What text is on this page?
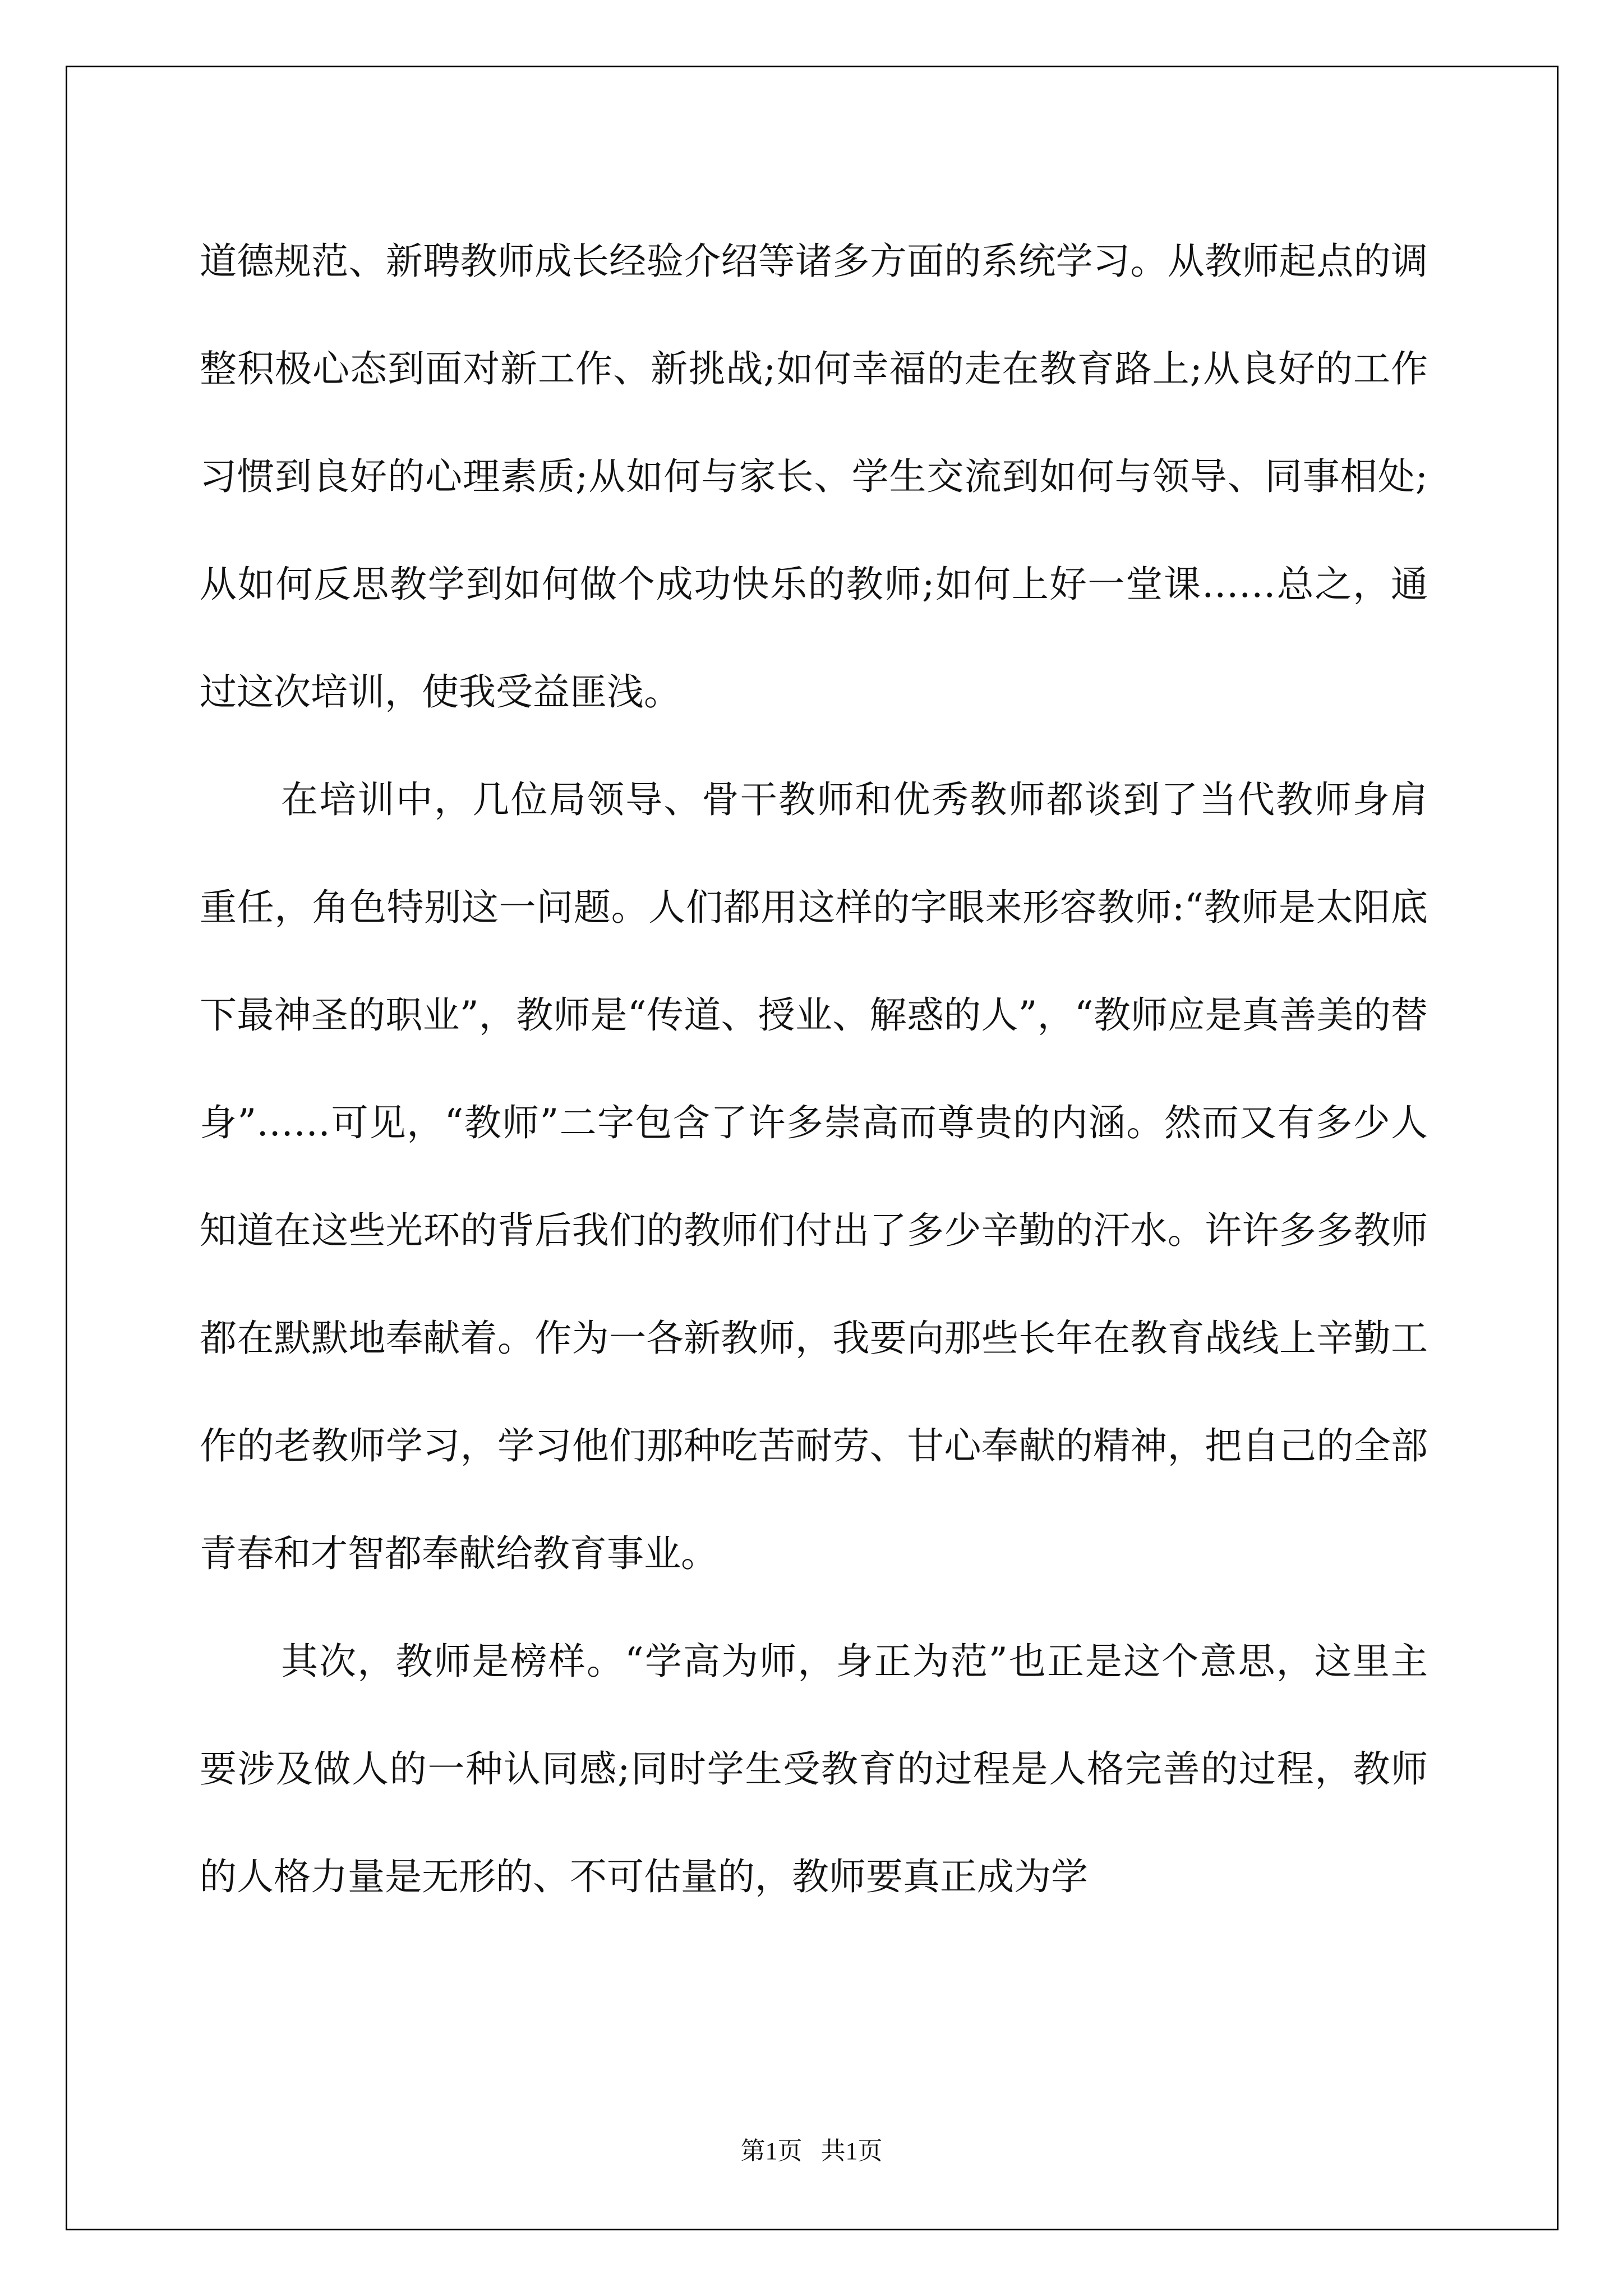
道德规范、新聘教师成长经验介绍等诸多方面的系统学习。从教师起点的调整积极心态到面对新工作、新挑战;如何幸福的走在教育路上;从良好的工作习惯到良好的心理素质;从如何与家长、学生交流到如何与领导、同事相处;从如何反思教学到如何做个成功快乐的教师;如何上好一堂课……总之，通过这次培训，使我受益匪浅。

在培训中，几位局领导、骨干教师和优秀教师都谈到了当代教师身肩重任，角色特别这一问题。人们都用这样的字眼来形容教师:“教师是太阳底下最神圣的职业”，教师是“传道、授业、解惑的人”，“教师应是真善美的替身”……可见，“教师”二字包含了许多崇高而尊贵的内涵。然而又有多少人知道在这些光环的背后我们的教师们付出了多少辛勤的汗水。许许多多教师都在默默地奉献着。作为一各新教师，我要向那些长年在教育战线上辛勤工作的老教师学习，学习他们那种吃苦耐劳、甘心奉献的精神，把自己的全部青春和才智都奉献给教育事业。

其次，教师是榜样。“学高为师，身正为范”也正是这个意思，这里主要涉及做人的一种认同感;同时学生受教育的过程是人格完善的过程，教师的人格力量是无形的、不可估量的，教师要真正成为学

第1页 共1页
